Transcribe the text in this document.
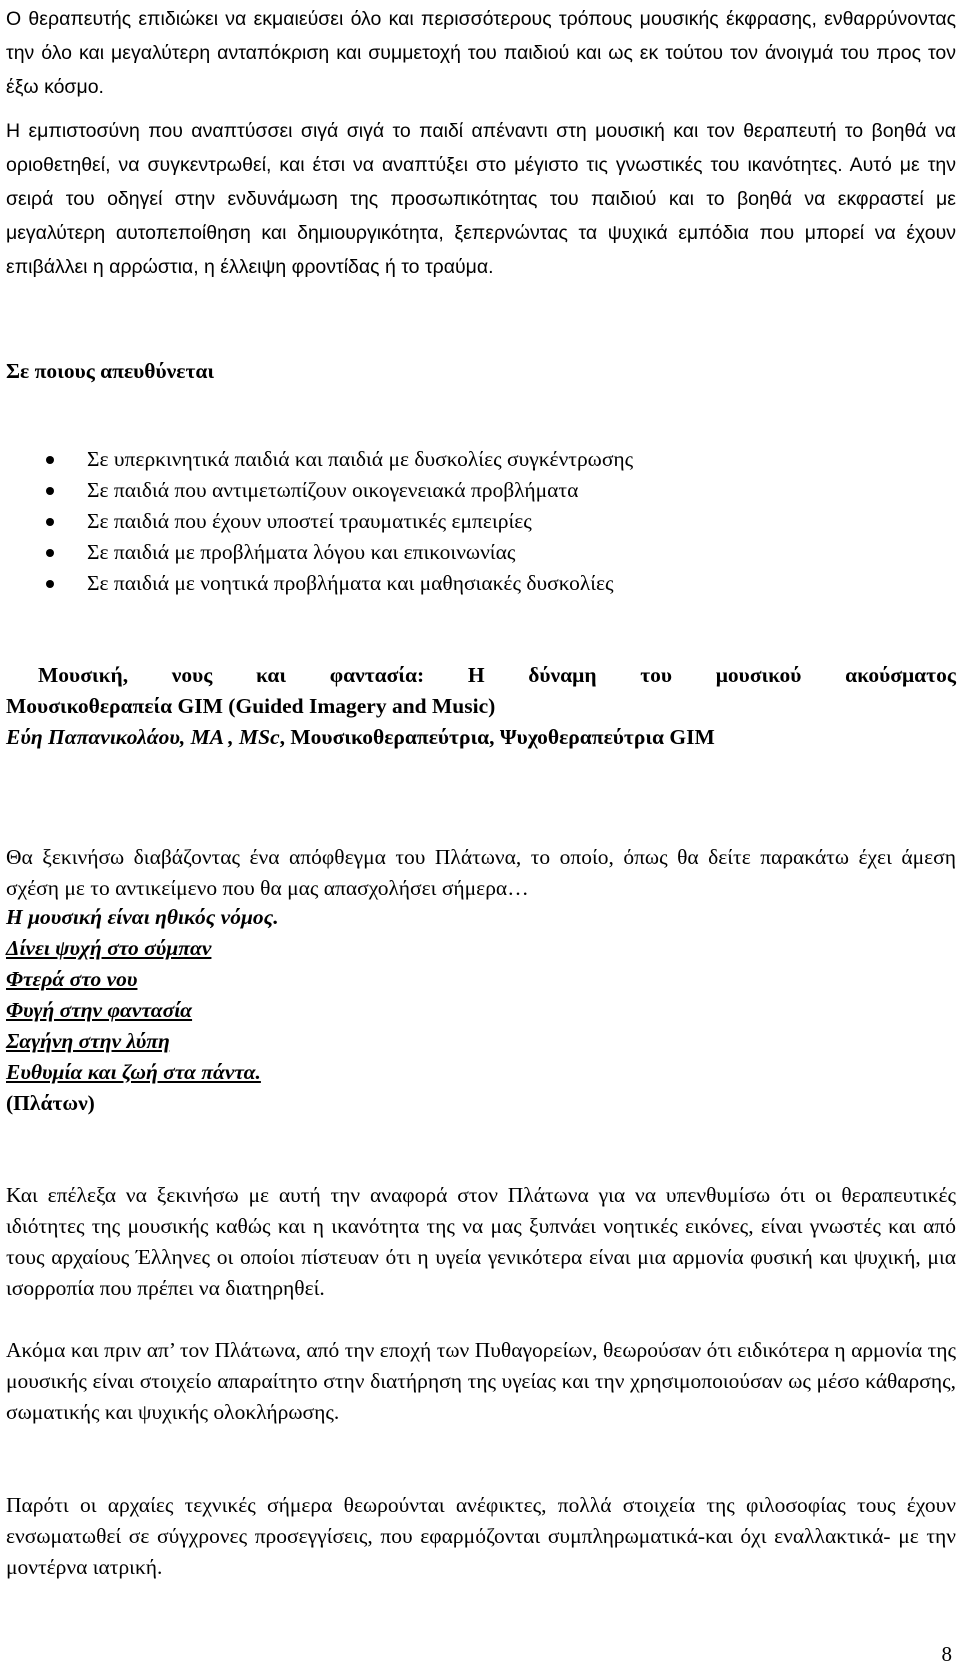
Ο θεραπευτής επιδιώκει να εκμαιεύσει όλο και περισσότερους τρόπους μουσικής έκφρασης, ενθαρρύνοντας την όλο και μεγαλύτερη ανταπόκριση και συμμετοχή του παιδιού και ως εκ τούτου τον άνοιγμά του προς τον έξω κόσμο.

Η εμπιστοσύνη που αναπτύσσει σιγά σιγά το παιδί απέναντι στη μουσική και τον θεραπευτή το βοηθά να οριοθετηθεί, να συγκεντρωθεί, και έτσι να αναπτύξει στο μέγιστο τις γνωστικές του ικανότητες. Αυτό με την σειρά του οδηγεί στην ενδυνάμωση της προσωπικότητας του παιδιού και το βοηθά να εκφραστεί με μεγαλύτερη αυτοπεποίθηση και δημιουργικότητα, ξεπερνώντας τα ψυχικά εμπόδια που μπορεί να έχουν επιβάλλει η αρρώστια, η έλλειψη φροντίδας ή το τραύμα.

Σε ποιους απευθύνεται
Σε υπερκινητικά παιδιά και παιδιά με δυσκολίες συγκέντρωσης
Σε παιδιά που αντιμετωπίζουν οικογενειακά προβλήματα
Σε παιδιά που έχουν υποστεί τραυματικές εμπειρίες
Σε παιδιά με προβλήματα λόγου και επικοινωνίας
Σε παιδιά με νοητικά προβλήματα και μαθησιακές δυσκολίες
Μουσική, νους και φαντασία: Η δύναμη του μουσικού ακούσματος
Μουσικοθεραπεία GIM (Guided Imagery and Music)
Εύη Παπανικολάου, MA , MSc, Μουσικοθεραπεύτρια, Ψυχοθεραπεύτρια GIM

Θα ξεκινήσω διαβάζοντας ένα απόφθεγμα του Πλάτωνα, το οποίο, όπως θα δείτε παρακάτω έχει άμεση σχέση με το αντικείμενο που θα μας απασχολήσει σήμερα…

Η μουσική είναι ηθικός νόμος.
Δίνει ψυχή στο σύμπαν
Φτερά στο νου
Φυγή στην φαντασία
Σαγήνη στην λύπη
Ευθυμία και ζωή στα πάντα.
(Πλάτων)

Και επέλεξα να ξεκινήσω με αυτή την αναφορά στον Πλάτωνα για να υπενθυμίσω ότι οι θεραπευτικές ιδιότητες της μουσικής καθώς και η ικανότητα της να μας ξυπνάει νοητικές εικόνες, είναι γνωστές και από τους αρχαίους Έλληνες οι οποίοι πίστευαν ότι η υγεία γενικότερα είναι μια αρμονία φυσική και ψυχική, μια ισορροπία που πρέπει να διατηρηθεί.

Ακόμα και πριν απ’ τον Πλάτωνα, από την εποχή των Πυθαγορείων, θεωρούσαν ότι ειδικότερα η αρμονία της μουσικής είναι στοιχείο απαραίτητο στην διατήρηση της υγείας και την χρησιμοποιούσαν ως μέσο κάθαρσης, σωματικής και ψυχικής ολοκλήρωσης.

Παρότι οι αρχαίες τεχνικές σήμερα θεωρούνται ανέφικτες, πολλά στοιχεία της φιλοσοφίας τους έχουν ενσωματωθεί σε σύγχρονες προσεγγίσεις, που εφαρμόζονται συμπληρωματικά-και όχι εναλλακτικά- με την μοντέρνα ιατρική.

8
